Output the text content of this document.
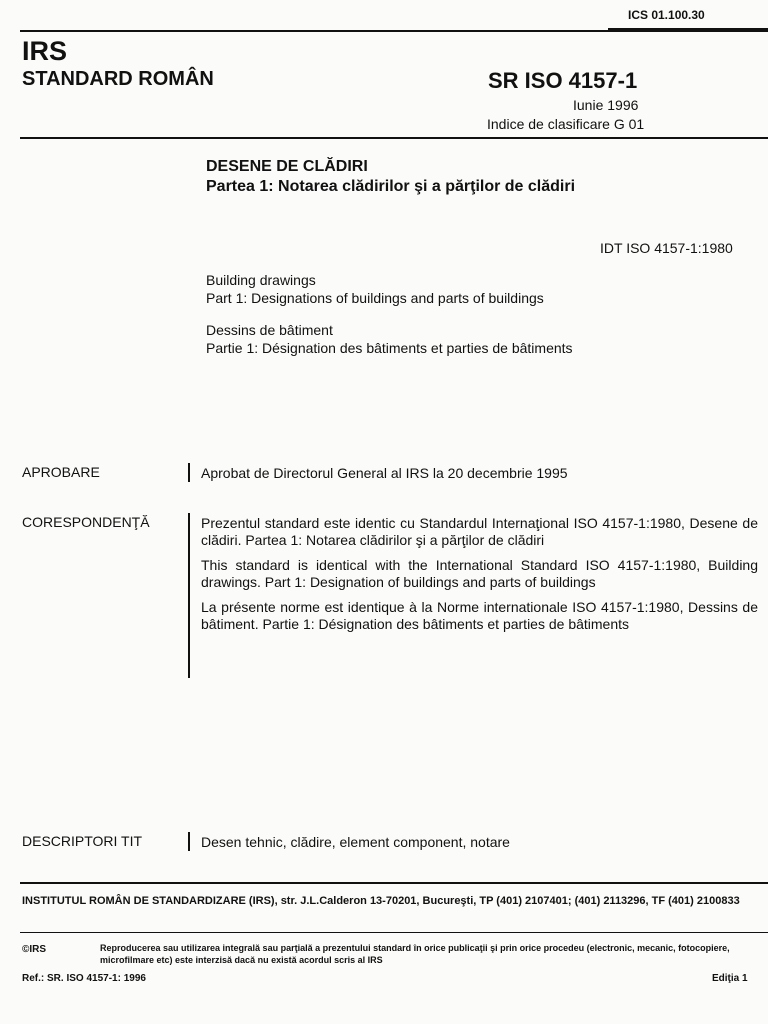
ICS 01.100.30
IRS
STANDARD ROMÂN	SR ISO 4157-1
Iunie 1996
Indice de clasificare G 01
DESENE DE CLĂDIRI
Partea 1: Notarea clădirilor şi a părţilor de clădiri
IDT ISO 4157-1:1980
Building drawings
Part 1: Designations of buildings and parts of buildings
Dessins de bâtiment
Partie 1: Désignation des bâtiments et parties de bâtiments
APROBARE	Aprobat de Directorul General al IRS la 20 decembrie 1995
CORESPONDENŢĂ	Prezentul standard este identic cu Standardul Internaţional ISO 4157-1:1980, Desene de clădiri. Partea 1: Notarea clădirilor şi a părţilor de clădiri

This standard is identical with the International Standard ISO 4157-1:1980, Building drawings. Part 1: Designation of buildings and parts of buildings

La présente norme est identique à la Norme internationale ISO 4157-1:1980, Dessins de bâtiment. Partie 1: Désignation des bâtiments et parties de bâtiments

DESCRIPTORI TIT	Desen tehnic, clădire, element component, notare
INSTITUTUL ROMÂN DE STANDARDIZARE (IRS), str. J.L.Calderon 13-70201, Bucureşti, TP (401) 2107401; (401) 2113296, TF (401) 2100833
©IRS	Reproducerea sau utilizarea integrală sau parţială a prezentului standard în orice publicaţii şi prin orice procedeu (electronic, mecanic, fotocopiere, microfilmare etc) este interzisă dacă nu există acordul scris al IRS
Ref.: SR. ISO 4157-1: 1996	Ediţia 1
